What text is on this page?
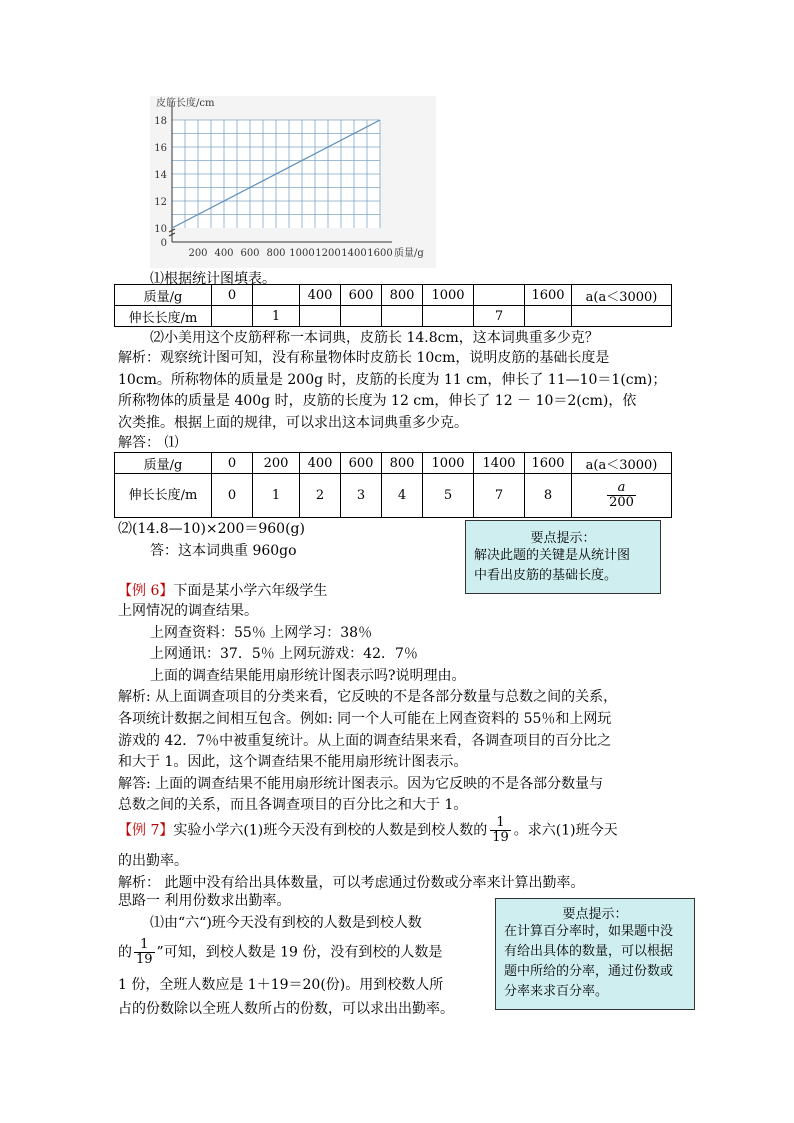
18
16
14
12
10
0
200 400 600 800 1000 1200 1400 1600
皮筋长度/cm
质量/g
⑴根据统计图填表。
质量/g	0		400	600	800	1000		1600	a(a＜3000)
伸长长度/m		1					7		
⑵小美用这个皮筋秤称一本词典，皮筋长 14.8cm，这本词典重多少克？
解析：观察统计图可知，没有称量物体时皮筋长 10cm，说明皮筋的基础长度是
10cm。所称物体的质量是 200g 时，皮筋的长度为 11 cm，伸长了 11—10＝1(cm)；
所称物体的质量是 400g 时，皮筋的长度为 12 cm，伸长了 12 － 10＝2(cm)，依
次类推。根据上面的规律，可以求出这本词典重多少克。
解答： ⑴
质量/g	0	200	400	600	800	1000	1400	1600	a(a＜3000)
伸长长度/m	0	1	2	3	4	5	7	8	$\frac{a}{200}$
⑵(14.8—10)×200＝960(g)
答：这本词典重 960go
要点提示：
解决此题的关键是从统计图
中看出皮筋的基础长度。
【例 6】下面是某小学六年级学生
上网情况的调查结果。
上网查资料：55％ 上网学习：38％
上网通讯：37．5％ 上网玩游戏：42．7％
上面的调查结果能用扇形统计图表示吗?说明理由。
解析: 从上面调查项目的分类来看，它反映的不是各部分数量与总数之间的关系，
各项统计数据之间相互包含。例如: 同一个人可能在上网查资料的 55％和上网玩
游戏的 42．7％中被重复统计。从上面的调查结果来看，各调查项目的百分比之
和大于 1。因此，这个调查结果不能用扇形统计图表示。
解答: 上面的调查结果不能用扇形统计图表示。因为它反映的不是各部分数量与
总数之间的关系，而且各调查项目的百分比之和大于 1。
【例 7】实验小学六(1)班今天没有到校的人数是到校人数的 $\frac{1}{19}$ 。求六(1)班今天
的出勤率。
解析： 此题中没有给出具体数量，可以考虑通过份数或分率来计算出勤率。
思路一 利用份数求出勤率。
⑴由“六“)班今天没有到校的人数是到校人数
的 $\frac{1}{19}$ ”可知，到校人数是 19 份，没有到校的人数是
1 份，全班人数应是 1＋19＝20(份)。用到校数人所
占的份数除以全班人数所占的份数，可以求出出勤率。
要点提示：
在计算百分率时，如果题中没
有给出具体的数量，可以根据
题中所给的分率，通过份数或
分率来求百分率。
